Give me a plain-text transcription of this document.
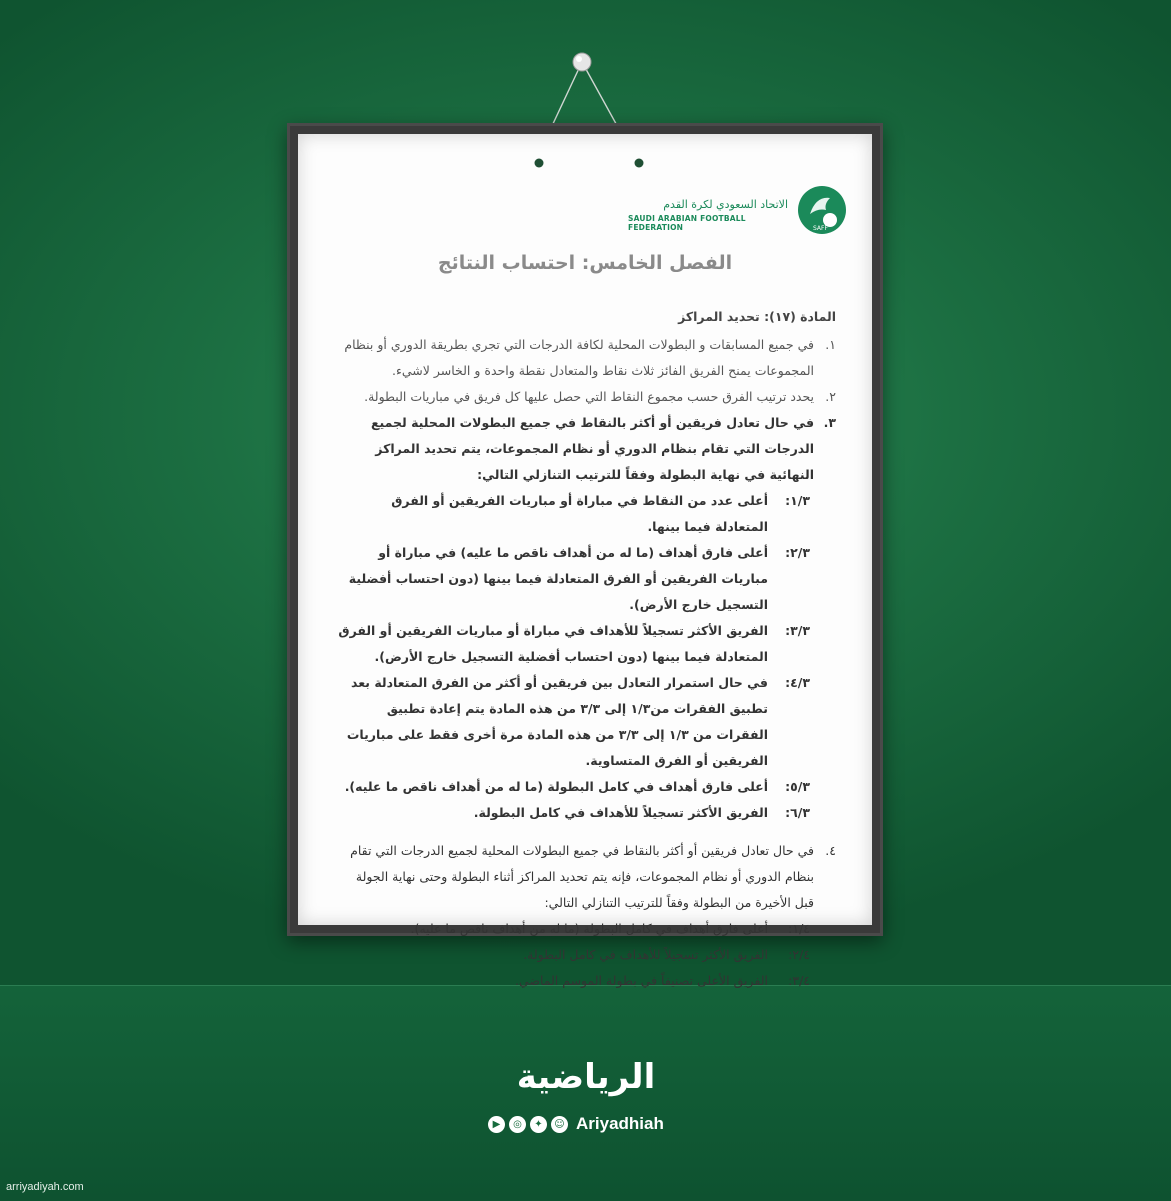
الاتحاد السعودي لكرة القدم
SAUDI ARABIAN FOOTBALL FEDERATION	SAFF
الفصل الخامس: احتساب النتائج
المادة (١٧): تحديد المراكز
١.
في جميع المسابقات و البطولات المحلية لكافة الدرجات التي تجري بطريقة الدوري أو بنظام المجموعات يمنح الفريق الفائز ثلاث نقاط والمتعادل نقطة واحدة و الخاسر لاشيء.
٢.
يحدد ترتيب الفرق حسب مجموع النقاط التي حصل عليها كل فريق في مباريات البطولة.
٣.
في حال تعادل فريقين أو أكثر بالنقاط في جميع البطولات المحلية لجميع الدرجات التي تقام بنظام الدوري أو نظام المجموعات، يتم تحديد المراكز النهائية في نهاية البطولة وفقاً للترتيب التنازلي التالي:
١/٣:
أعلى عدد من النقاط في مباراة أو مباريات الفريقين أو الفرق المتعادلة فيما بينها.
٢/٣:
أعلى فارق أهداف (ما له من أهداف ناقص ما عليه) في مباراة أو مباريات الفريقين أو الفرق المتعادلة فيما بينها (دون احتساب أفضلية التسجيل خارج الأرض).
٣/٣:
الفريق الأكثر تسجيلاً للأهداف في مباراة أو مباريات الفريقين أو الفرق المتعادلة فيما بينها (دون احتساب أفضلية التسجيل خارج الأرض).
٤/٣:
في حال استمرار التعادل بين فريقين أو أكثر من الفرق المتعادلة بعد تطبيق الفقرات من١/٣ إلى ٣/٣ من هذه المادة يتم إعادة تطبيق الفقرات من ١/٣ إلى ٣/٣ من هذه المادة مرة أخرى فقط على مباريات الفريقين أو الفرق المتساوية.
٥/٣:
أعلى فارق أهداف في كامل البطولة (ما له من أهداف ناقص ما عليه).
٦/٣:
الفريق الأكثر تسجيلاً للأهداف في كامل البطولة.
٤.
في حال تعادل فريقين أو أكثر بالنقاط في جميع البطولات المحلية لجميع الدرجات التي تقام بنظام الدوري أو نظام المجموعات، فإنه يتم تحديد المراكز أثناء البطولة وحتى نهاية الجولة قبل الأخيرة من البطولة وفقاً للترتيب التنازلي التالي:
١/٤:
أعلى فارق أهداف في كامل البطولة (ما له من أهداف ناقص ما عليه).
٢/٤:
الفريق الأكثر تسجيلاً للأهداف في كامل البطولة.
٣/٤:
الفريق الأعلى تصنيفاً في بطولة الموسم الماضي.
الرياضية
▶	◎	✦	☺ Ariyadhiah
arriyadiyah.com
